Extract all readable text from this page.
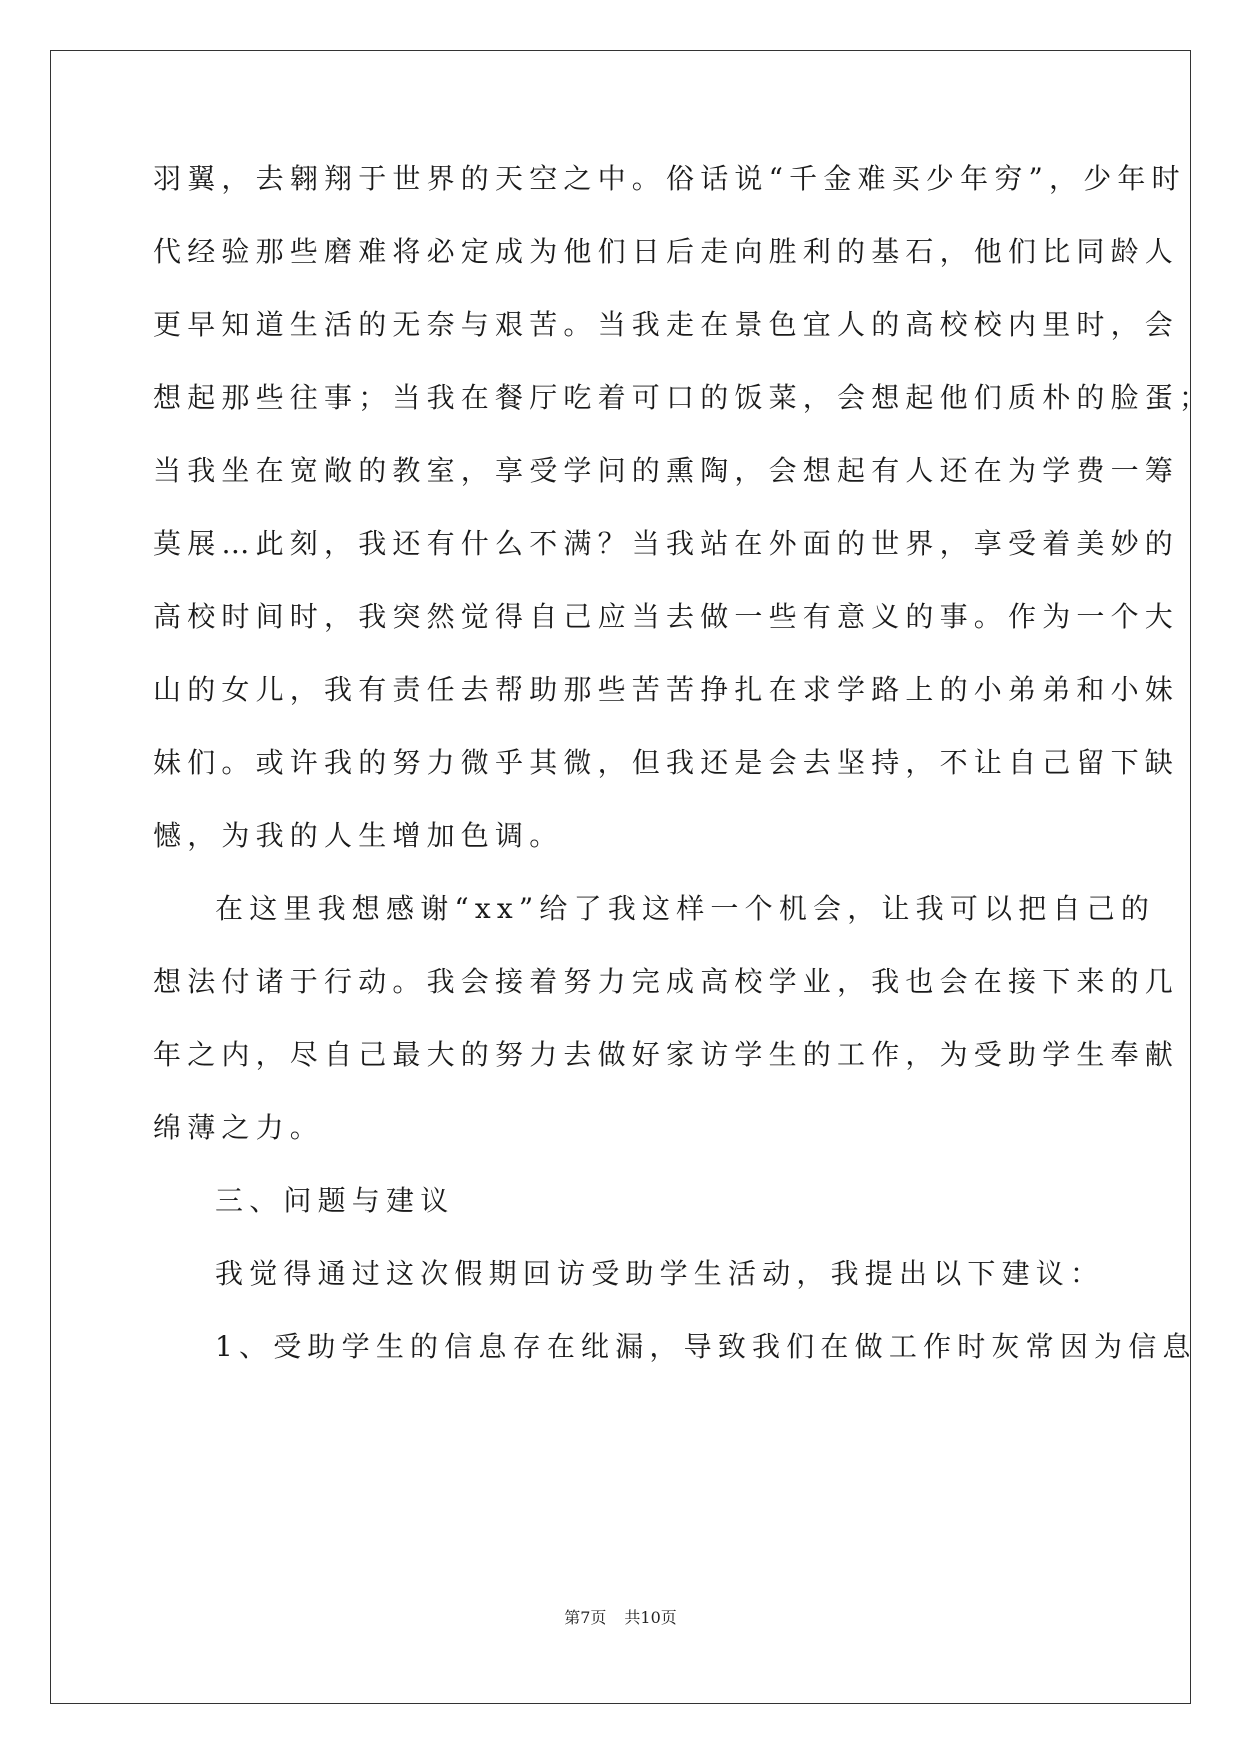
羽翼，去翱翔于世界的天空之中。俗话说“千金难买少年穷”，少年时
代经验那些磨难将必定成为他们日后走向胜利的基石，他们比同龄人
更早知道生活的无奈与艰苦。当我走在景色宜人的高校校内里时，会
想起那些往事；当我在餐厅吃着可口的饭菜，会想起他们质朴的脸蛋；
当我坐在宽敞的教室，享受学问的熏陶，会想起有人还在为学费一筹
莫展…此刻，我还有什么不满？当我站在外面的世界，享受着美妙的
高校时间时，我突然觉得自己应当去做一些有意义的事。作为一个大
山的女儿，我有责任去帮助那些苦苦挣扎在求学路上的小弟弟和小妹
妹们。或许我的努力微乎其微，但我还是会去坚持，不让自己留下缺
憾，为我的人生增加色调。
在这里我想感谢“xx”给了我这样一个机会，让我可以把自己的
想法付诸于行动。我会接着努力完成高校学业，我也会在接下来的几
年之内，尽自己最大的努力去做好家访学生的工作，为受助学生奉献
绵薄之力。
三、问题与建议
我觉得通过这次假期回访受助学生活动，我提出以下建议：
1、受助学生的信息存在纰漏，导致我们在做工作时灰常因为信息
第7页 共10页
